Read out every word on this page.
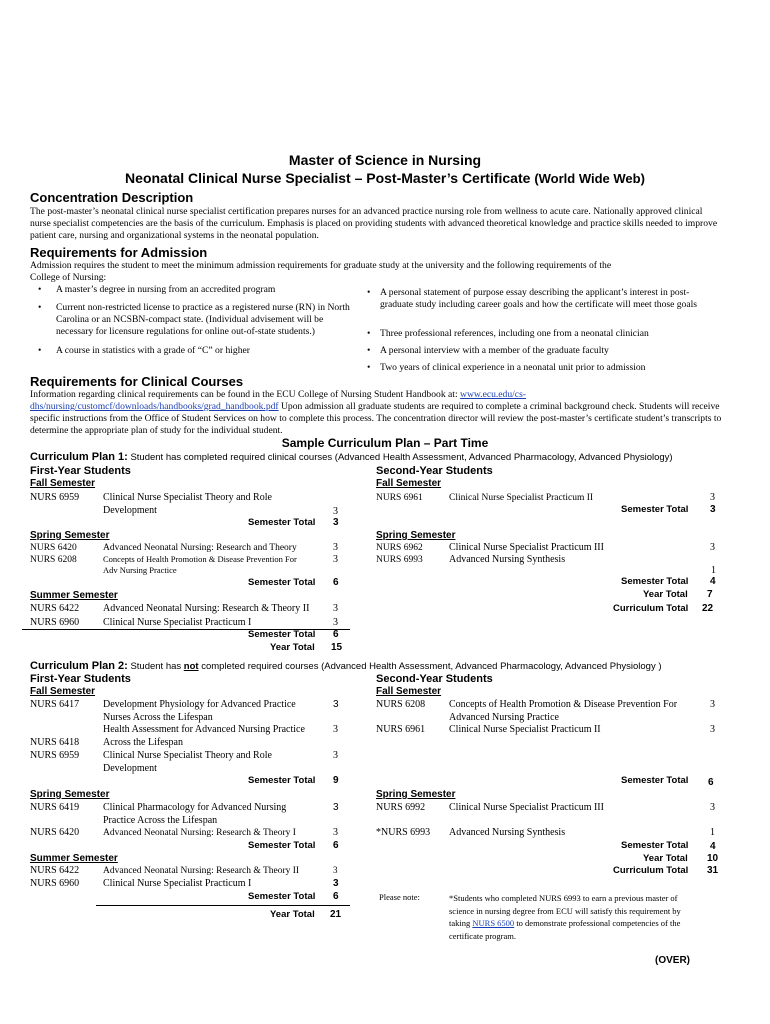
Master of Science in Nursing
Neonatal Clinical Nurse Specialist – Post-Master’s Certificate (World Wide Web)
Concentration Description
The post-master’s neonatal clinical nurse specialist certification prepares nurses for an advanced practice nursing role from wellness to acute care. Nationally approved clinical nurse specialist competencies are the basis of the curriculum. Emphasis is placed on providing students with advanced theoretical knowledge and practice skills needed to improve patient care, nursing and organizational systems in the neonatal population.
Requirements for Admission
Admission requires the student to meet the minimum admission requirements for graduate study at the university and the following requirements of the College of Nursing:
• A master’s degree in nursing from an accredited program
• Current non-restricted license to practice as a registered nurse (RN) in North Carolina or an NCSBN-compact state. (Individual advisement will be necessary for licensure regulations for online out-of-state students.)
• A course in statistics with a grade of “C” or higher
• A personal statement of purpose essay describing the applicant’s interest in post-graduate study including career goals and how the certificate will meet those goals
• Three professional references, including one from a neonatal clinician
• A personal interview with a member of the graduate faculty
• Two years of clinical experience in a neonatal unit prior to admission
Requirements for Clinical Courses
Information regarding clinical requirements can be found in the ECU College of Nursing Student Handbook at: www.ecu.edu/cs-dhs/nursing/customcf/downloads/handbooks/grad_handbook.pdf Upon admission all graduate students are required to complete a criminal background check. Students will receive specific instructions from the Office of Student Services on how to complete this process. The concentration director will review the post-master’s certificate student’s transcripts to determine the appropriate plan of study for the individual student.
Sample Curriculum Plan – Part Time
Curriculum Plan 1: Student has completed required clinical courses (Advanced Health Assessment, Advanced Pharmacology, Advanced Physiology)
First-Year Students	Second-Year Students
Fall Semester
NURS 6959 Clinical Nurse Specialist Theory and Role Development	3
Semester Total 3
Spring Semester
NURS 6420	Advanced Neonatal Nursing: Research and Theory	3
NURS 6208	Concepts of Health Promotion & Disease Prevention For Adv Nursing Practice
3
Semester Total 6
Summer Semester
NURS 6422 Advanced Neonatal Nursing: Research & Theory II 3
NURS 6960 Clinical Nurse Specialist Practicum I	3
Semester Total 6
Year Total 15
Fall Semester
NURS 6961	Clinical Nurse Specialist Practicum II	3
Semester Total 3
Spring Semester
NURS 6962	Clinical Nurse Specialist Practicum III	3
NURS 6993	Advanced Nursing Synthesis
1
Semester Total 4
Year Total 7
Curriculum Total 22
Curriculum Plan 2: Student has not completed required courses (Advanced Health Assessment, Advanced Pharmacology, Advanced Physiology )
First-Year Students	Second-Year Students
Fall Semester
NURS 6417 Development Physiology for Advanced Practice Nurses Across the Lifespan
3
NURS 6418
Health Assessment for Advanced Nursing Practice Across the Lifespan
3
NURS 6959 Clinical Nurse Specialist Theory and Role Development
3
Semester Total 9
Spring Semester
NURS 6419 Clinical Pharmacology for Advanced Nursing Practice Across the Lifespan
3
NURS 6420	Advanced Neonatal Nursing: Research & Theory I	3
Semester Total 6
Summer Semester
NURS 6422	Advanced Neonatal Nursing: Research & Theory II	3
NURS 6960 Clinical Nurse Specialist Practicum I	3
Semester Total 6
Year Total 21
Fall Semester
NURS 6208 Concepts of Health Promotion & Disease Prevention For Advanced Nursing Practice
3
NURS 6961 Clinical Nurse Specialist Practicum II	3
Semester Total 6
Spring Semester
NURS 6992 Clinical Nurse Specialist Practicum III	3
*NURS 6993 Advanced Nursing Synthesis	1
Semester Total 4
Year Total 10
Curriculum Total 31
Please note:	*Students who completed NURS 6993 to earn a previous master of science in nursing degree from ECU will satisfy this requirement by taking NURS 6500 to demonstrate professional competencies of the certificate program.
(OVER)
